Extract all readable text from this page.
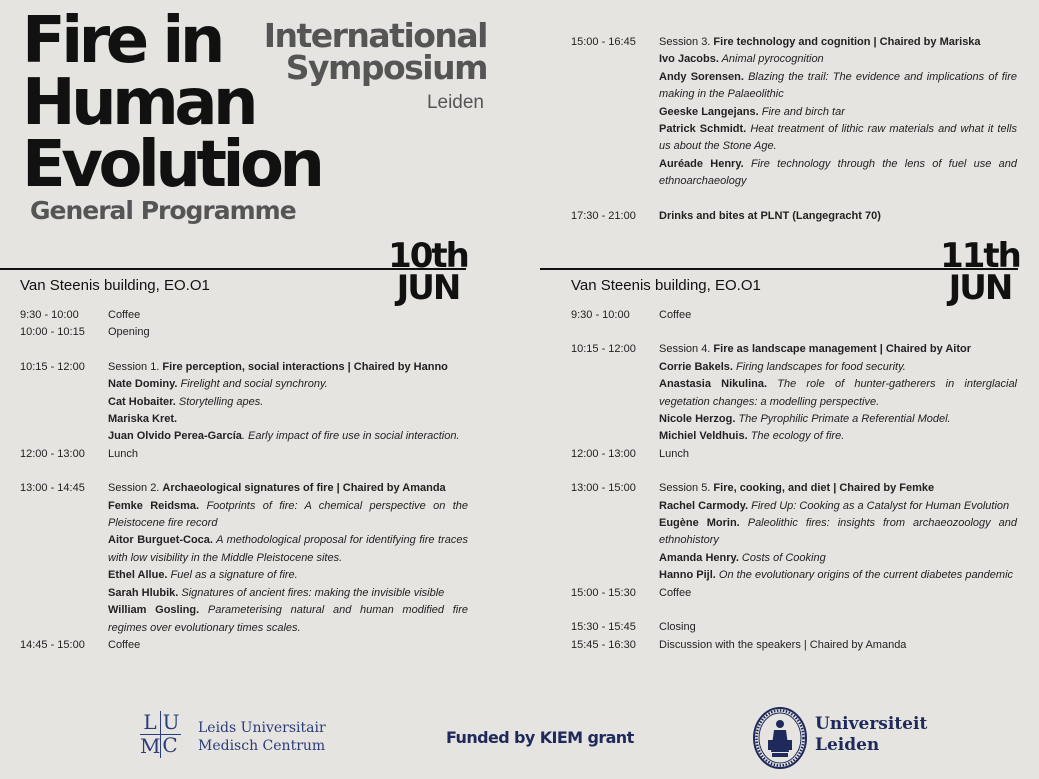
Fire in
Human
Evolution
General Programme
International
Symposium
Leiden
10th
JUN
11th
JUN
Van Steenis building, EO.O1	Van Steenis building, EO.O1
9:30 - 10:00	Coffee
10:00 - 10:15	Opening
10:15 - 12:00	Session 1. Fire perception, social interactions | Chaired by Hanno
Nate Dominy. Firelight and social synchrony.
Cat Hobaiter. Storytelling apes.
Mariska Kret.
Juan Olvido Perea-García. Early impact of fire use in social interaction.
12:00 - 13:00	Lunch
13:00 - 14:45	Session 2. Archaeological signatures of fire | Chaired by Amanda
Femke Reidsma. Footprints of fire: A chemical perspective on the Pleistocene fire record
Aitor Burguet-Coca. A methodological proposal for identifying fire traces with low visibility in the Middle Pleistocene sites.
Ethel Allue. Fuel as a signature of fire.
Sarah Hlubik. Signatures of ancient fires: making the invisible visible
William Gosling. Parameterising natural and human modified fire regimes over evolutionary times scales.
14:45 - 15:00	Coffee
15:00 - 16:45	Session 3. Fire technology and cognition | Chaired by Mariska
Ivo Jacobs. Animal pyrocognition
Andy Sorensen. Blazing the trail: The evidence and implications of fire making in the Palaeolithic
Geeske Langejans. Fire and birch tar
Patrick Schmidt. Heat treatment of lithic raw materials and what it tells us about the Stone Age.
Auréade Henry. Fire technology through the lens of fuel use and ethnoarchaeology
17:30 - 21:00	Drinks and bites at PLNT (Langegracht 70)
9:30 - 10:00	Coffee
10:15 - 12:00	Session 4. Fire as landscape management | Chaired by Aitor
Corrie Bakels. Firing landscapes for food security.
Anastasia Nikulina. The role of hunter-gatherers in interglacial vegetation changes: a modelling perspective.
Nicole Herzog. The Pyrophilic Primate a Referential Model.
Michiel Veldhuis. The ecology of fire.
12:00 - 13:00	Lunch
13:00 - 15:00	Session 5. Fire, cooking, and diet | Chaired by Femke
Rachel Carmody. Fired Up: Cooking as a Catalyst for Human Evolution
Eugène Morin. Paleolithic fires: insights from archaeozoology and ethnohistory
Amanda Henry. Costs of Cooking
Hanno Pijl. On the evolutionary origins of the current diabetes pandemic
15:00 - 15:30	Coffee
15:30 - 15:45	Closing
15:45 - 16:30	Discussion with the speakers | Chaired by Amanda
L U
M C
Leids Universitair
Medisch Centrum	Funded by KIEM grant
Universiteit
Leiden
